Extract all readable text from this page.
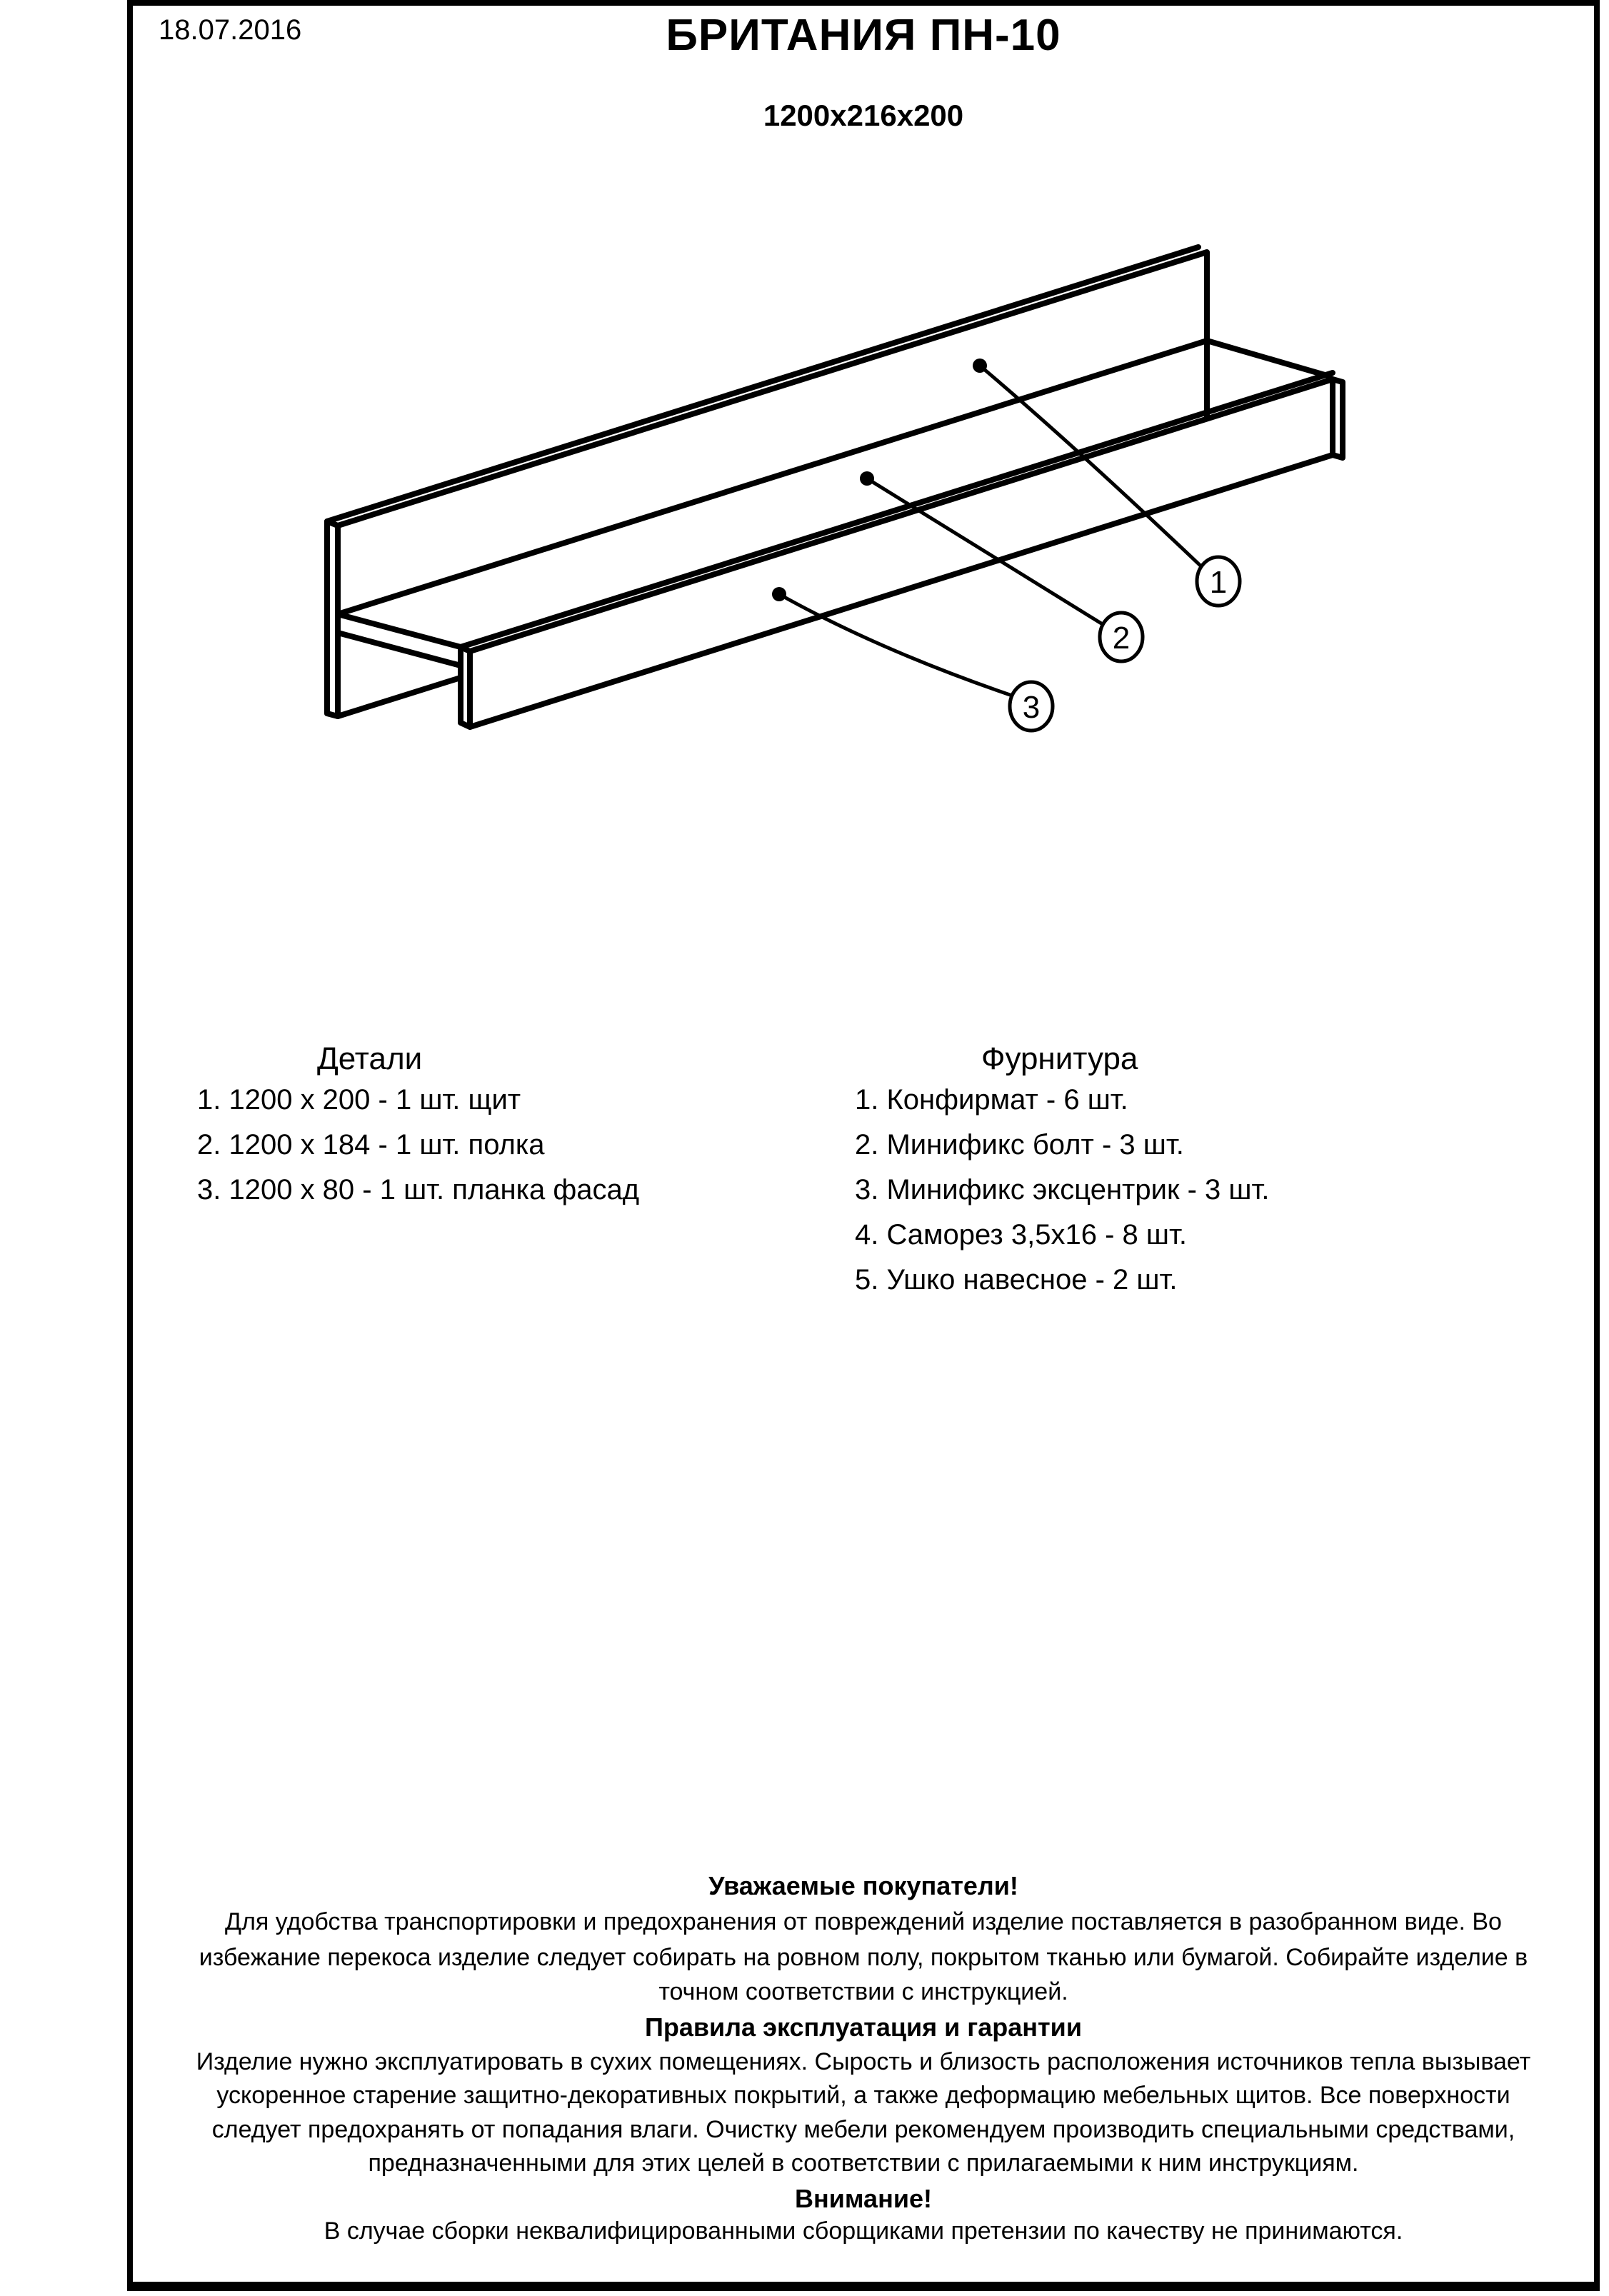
18.07.2016	БРИТАНИЯ ПН-10
1200х216х200
1
2
3
Детали
1. 1200 х 200 - 1 шт. щит
2. 1200 х 184 - 1 шт. полка
3. 1200 х 80 - 1 шт. планка фасад
Фурнитура
1. Конфирмат - 6 шт.
2. Минификс болт - 3 шт.
3. Минификс эксцентрик - 3 шт.
4. Саморез 3,5х16 - 8 шт.
5. Ушко навесное - 2 шт.
Уважаемые покупатели!
Для удобства транспортировки и предохранения от повреждений изделие поставляется в разобранном виде. Во
избежание перекоса изделие следует собирать на ровном полу, покрытом тканью или бумагой. Собирайте изделие в
точном соответствии с инструкцией.
Правила эксплуатация и гарантии
Изделие нужно эксплуатировать в сухих помещениях. Сырость и близость расположения источников тепла вызывает
ускоренное старение защитно-декоративных покрытий, а также деформацию мебельных щитов. Все поверхности
следует предохранять от попадания влаги. Очистку мебели рекомендуем производить специальными средствами,
предназначенными для этих целей в соответствии с прилагаемыми к ним инструкциям.
Внимание!
В случае сборки неквалифицированными сборщиками претензии по качеству не принимаются.
